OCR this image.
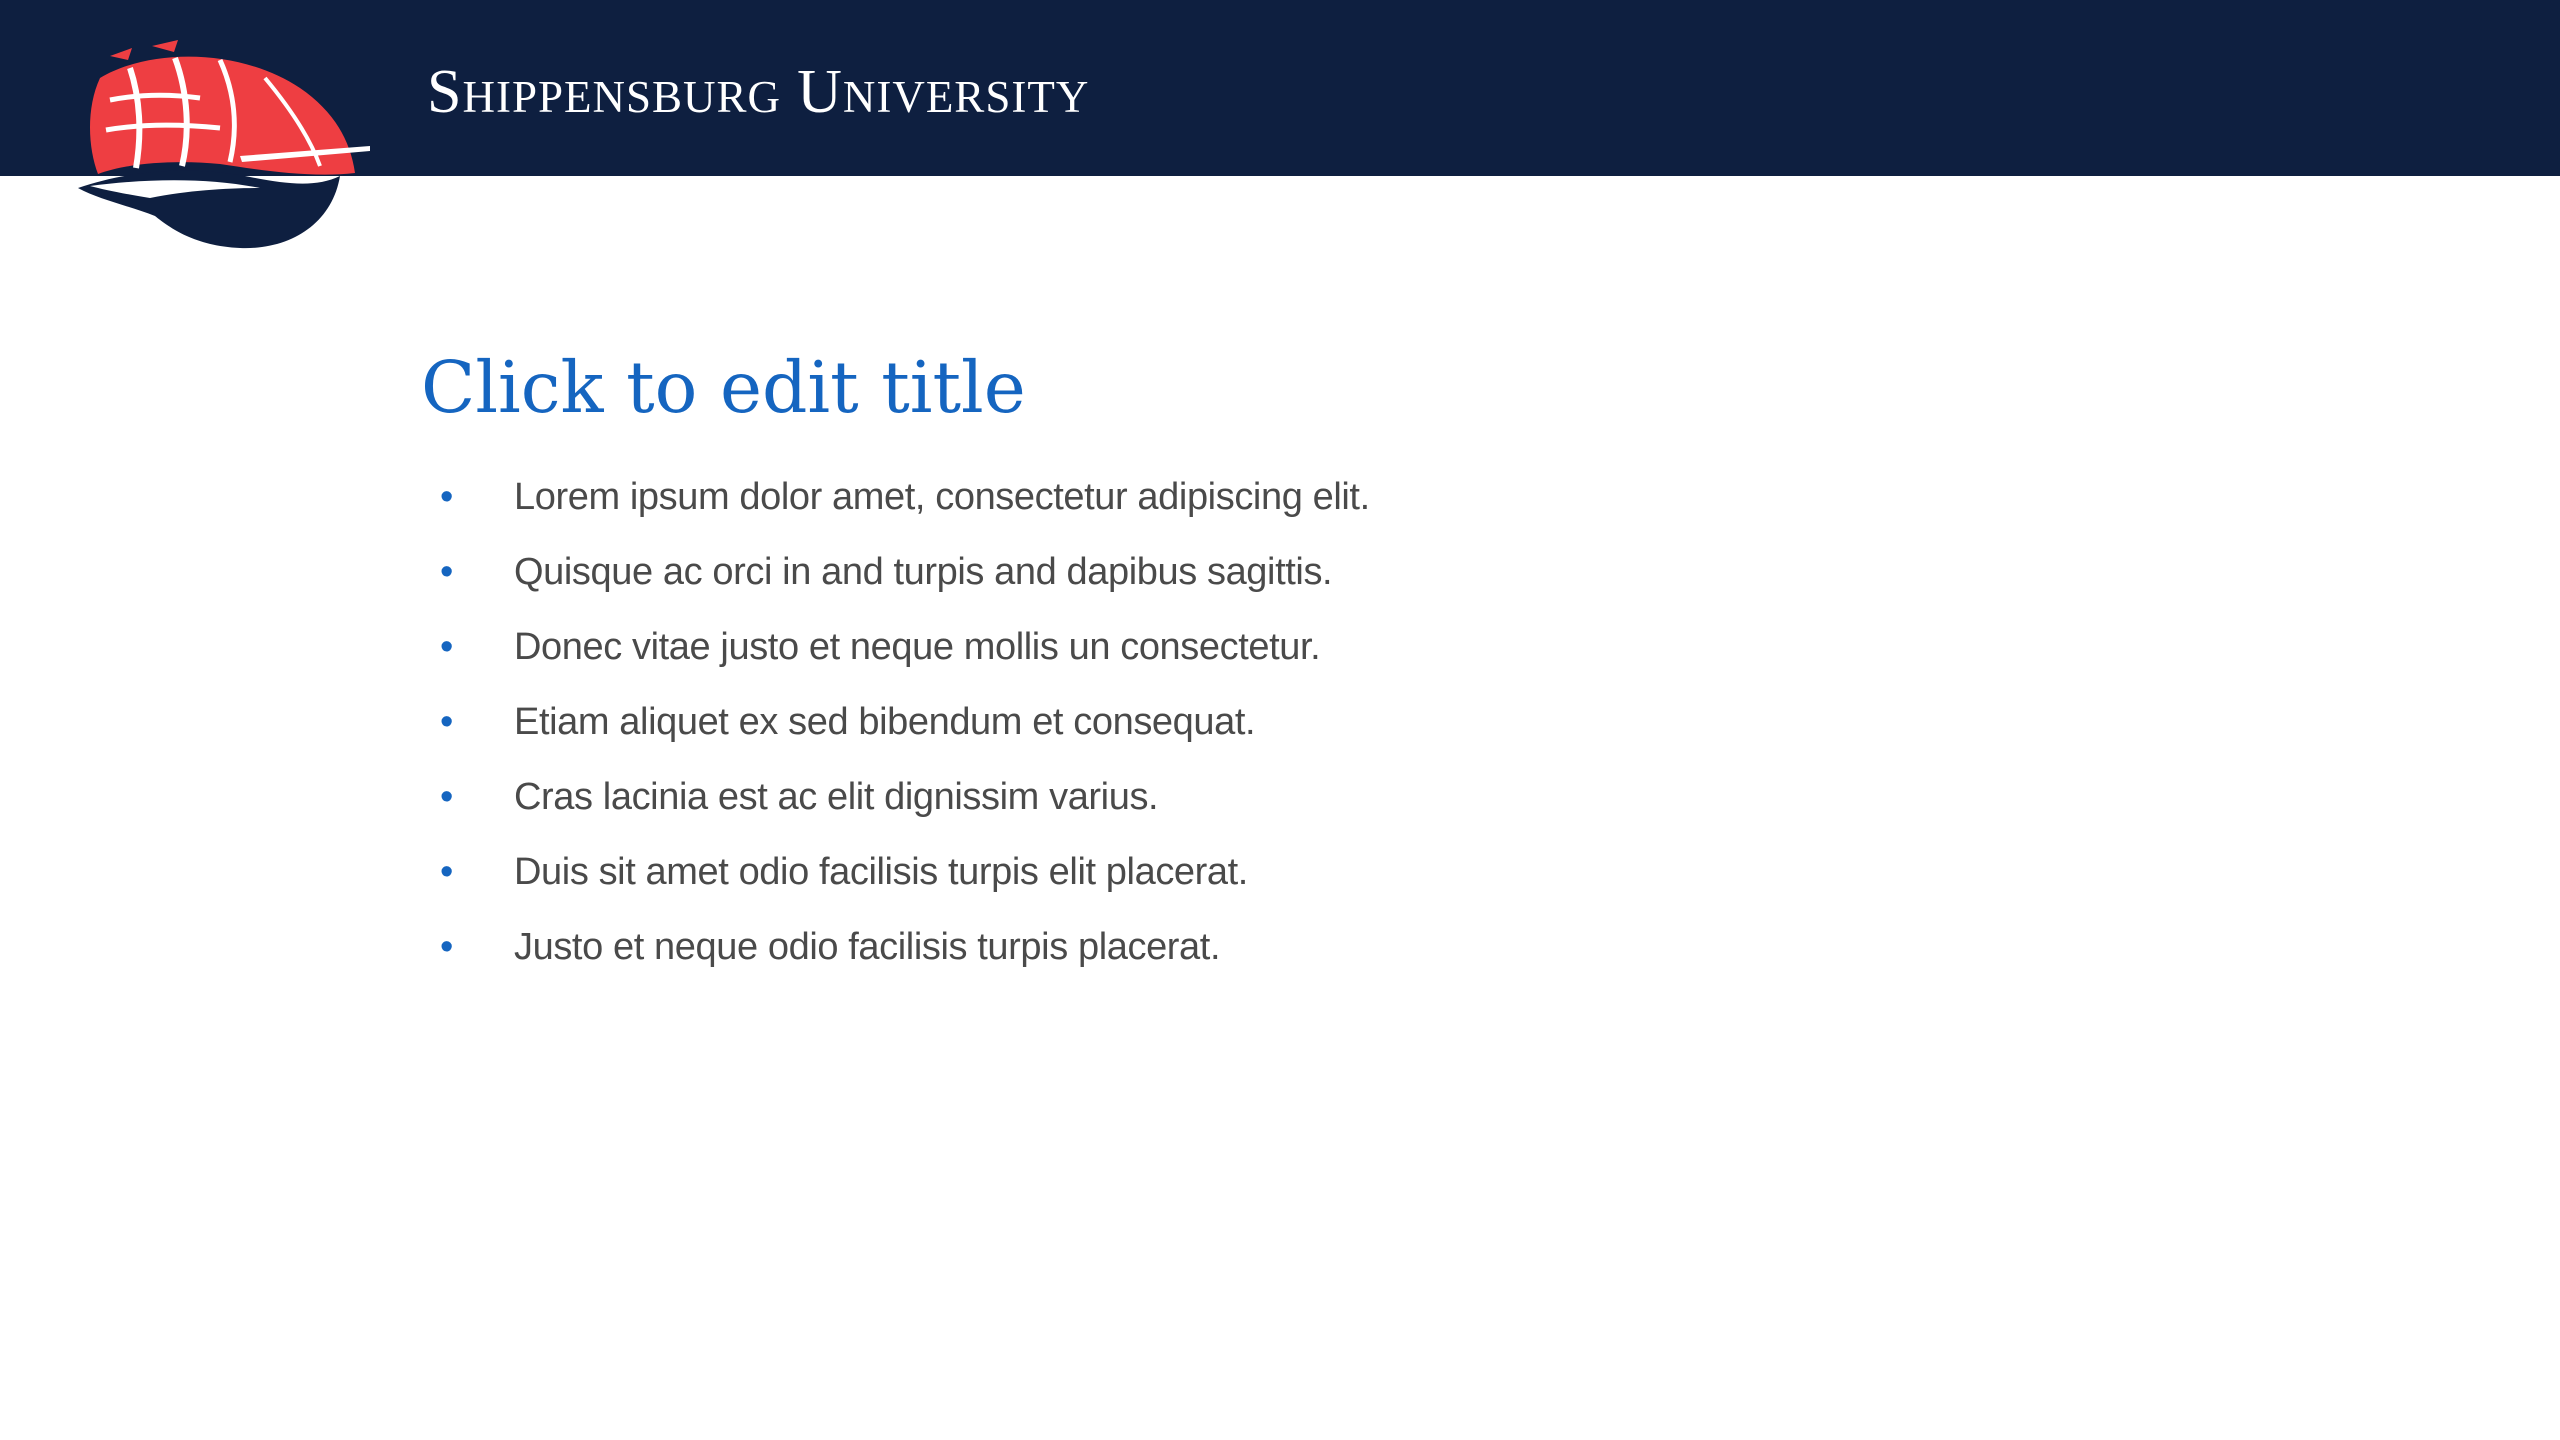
SHIPPENSBURG UNIVERSITY
Click to edit title
•	Lorem ipsum dolor amet, consectetur adipiscing elit.
•	Quisque ac orci in and turpis and dapibus sagittis.
•	Donec vitae justo et neque mollis un consectetur.
•	Etiam aliquet ex sed bibendum et consequat.
•	Cras lacinia est ac elit dignissim varius.
•	Duis sit amet odio facilisis turpis elit placerat.
•	Justo et neque odio facilisis turpis placerat.
